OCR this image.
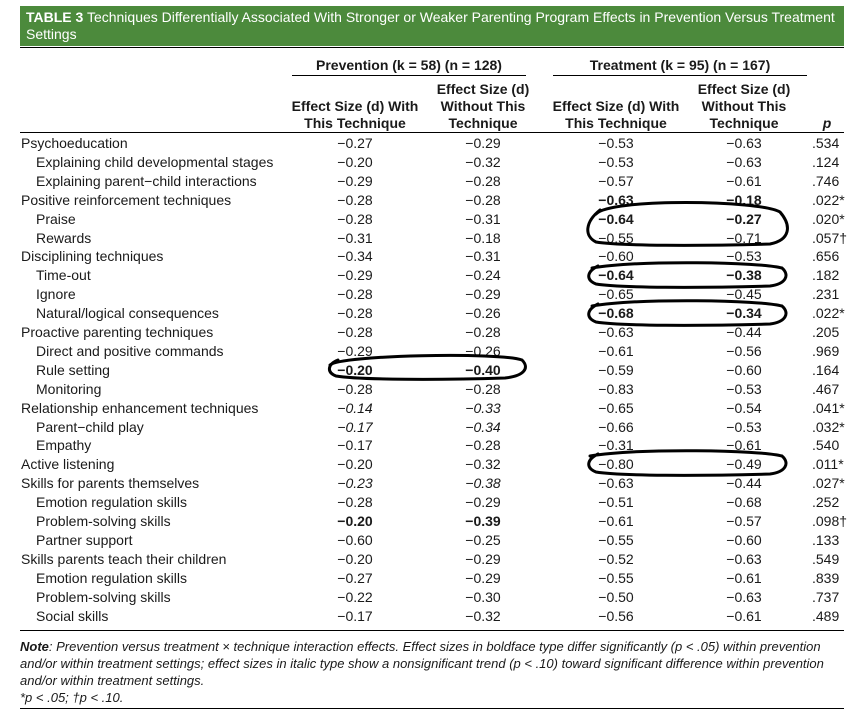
TABLE 3 Techniques Differentially Associated With Stronger or Weaker Parenting Program Effects in Prevention Versus Treatment Settings
Prevention (k = 58) (n = 128)	Treatment (k = 95) (n = 167)
Effect Size (d) With This Technique
Effect Size (d) Without This Technique
Effect Size (d) With This Technique
Effect Size (d) Without This Technique	p
Psychoeducation	−0.27	−0.29	−0.53	−0.63	.534
Explaining child developmental stages	−0.20	−0.32	−0.53	−0.63	.124
Explaining parent−child interactions	−0.29	−0.28	−0.57	−0.61	.746
Positive reinforcement techniques	−0.28	−0.28	−0.63	−0.18	.022*
Praise	−0.28	−0.31	−0.64	−0.27	.020*
Rewards	−0.31	−0.18	−0.55	−0.71	.057†
Disciplining techniques	−0.34	−0.31	−0.60	−0.53	.656
Time-out	−0.29	−0.24	−0.64	−0.38	.182
Ignore	−0.28	−0.29	−0.65	−0.45	.231
Natural/logical consequences	−0.28	−0.26	−0.68	−0.34	.022*
Proactive parenting techniques	−0.28	−0.28	−0.63	−0.44	.205
Direct and positive commands	−0.29	−0.26	−0.61	−0.56	.969
Rule setting	−0.20	−0.40	−0.59	−0.60	.164
Monitoring	−0.28	−0.28	−0.83	−0.53	.467
Relationship enhancement techniques	−0.14	−0.33	−0.65	−0.54	.041*
Parent−child play	−0.17	−0.34	−0.66	−0.53	.032*
Empathy	−0.17	−0.28	−0.31	−0.61	.540
Active listening	−0.20	−0.32	−0.80	−0.49	.011*
Skills for parents themselves	−0.23	−0.38	−0.63	−0.44	.027*
Emotion regulation skills	−0.28	−0.29	−0.51	−0.68	.252
Problem-solving skills	−0.20	−0.39	−0.61	−0.57	.098†
Partner support	−0.60	−0.25	−0.55	−0.60	.133
Skills parents teach their children	−0.20	−0.29	−0.52	−0.63	.549
Emotion regulation skills	−0.27	−0.29	−0.55	−0.61	.839
Problem-solving skills	−0.22	−0.30	−0.50	−0.63	.737
Social skills	−0.17	−0.32	−0.56	−0.61	.489
Note: Prevention versus treatment × technique interaction effects. Effect sizes in boldface type differ significantly (p < .05) within prevention and/or within treatment settings; effect sizes in italic type show a nonsignificant trend (p < .10) toward significant difference within prevention and/or within treatment settings.
*p < .05; †p < .10.
